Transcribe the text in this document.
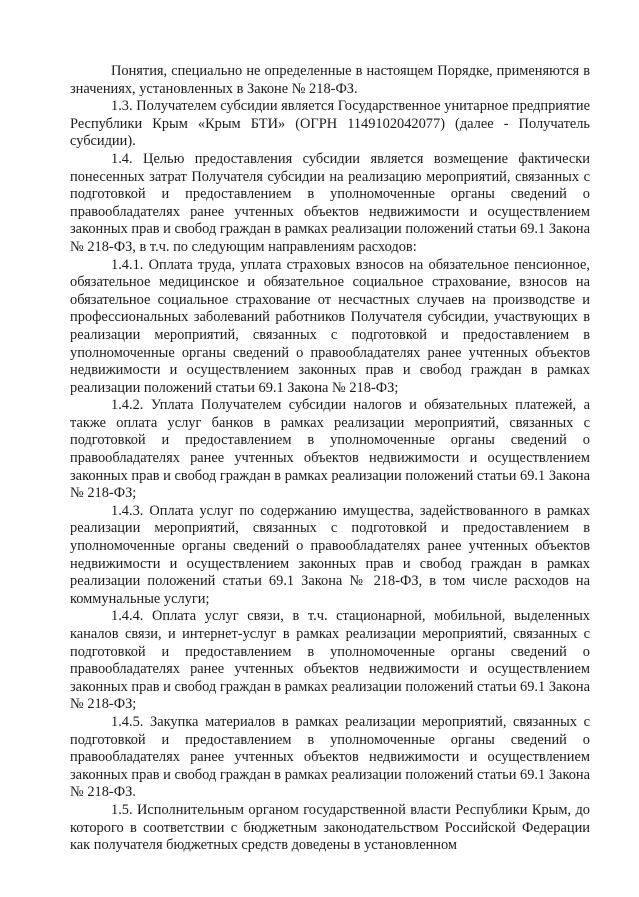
Понятия, специально не определенные в настоящем Порядке, применяются в значениях, установленных в Законе № 218-ФЗ.

1.3. Получателем субсидии является Государственное унитарное предприятие Республики Крым «Крым БТИ» (ОГРН 1149102042077) (далее - Получатель субсидии).

1.4. Целью предоставления субсидии является возмещение фактически понесенных затрат Получателя субсидии на реализацию мероприятий, связанных с подготовкой и предоставлением в уполномоченные органы сведений о правообладателях ранее учтенных объектов недвижимости и осуществлением законных прав и свобод граждан в рамках реализации положений статьи 69.1 Закона № 218-ФЗ, в т.ч. по следующим направлениям расходов:

1.4.1. Оплата труда, уплата страховых взносов на обязательное пенсионное, обязательное медицинское и обязательное социальное страхование, взносов на обязательное социальное страхование от несчастных случаев на производстве и профессиональных заболеваний работников Получателя субсидии, участвующих в реализации мероприятий, связанных с подготовкой и предоставлением в уполномоченные органы сведений о правообладателях ранее учтенных объектов недвижимости и осуществлением законных прав и свобод граждан в рамках реализации положений статьи 69.1 Закона № 218-ФЗ;

1.4.2. Уплата Получателем субсидии налогов и обязательных платежей, а также оплата услуг банков в рамках реализации мероприятий, связанных с подготовкой и предоставлением в уполномоченные органы сведений о правообладателях ранее учтенных объектов недвижимости и осуществлением законных прав и свобод граждан в рамках реализации положений статьи 69.1 Закона № 218-ФЗ;

1.4.3. Оплата услуг по содержанию имущества, задействованного в рамках реализации мероприятий, связанных с подготовкой и предоставлением в уполномоченные органы сведений о правообладателях ранее учтенных объектов недвижимости и осуществлением законных прав и свобод граждан в рамках реализации положений статьи 69.1 Закона № 218-ФЗ, в том числе расходов на коммунальные услуги;

1.4.4. Оплата услуг связи, в т.ч. стационарной, мобильной, выделенных каналов связи, и интернет-услуг в рамках реализации мероприятий, связанных с подготовкой и предоставлением в уполномоченные органы сведений о правообладателях ранее учтенных объектов недвижимости и осуществлением законных прав и свобод граждан в рамках реализации положений статьи 69.1 Закона № 218-ФЗ;

1.4.5. Закупка материалов в рамках реализации мероприятий, связанных с подготовкой и предоставлением в уполномоченные органы сведений о правообладателях ранее учтенных объектов недвижимости и осуществлением законных прав и свобод граждан в рамках реализации положений статьи 69.1 Закона № 218-ФЗ.

1.5. Исполнительным органом государственной власти Республики Крым, до которого в соответствии с бюджетным законодательством Российской Федерации как получателя бюджетных средств доведены в установленном
